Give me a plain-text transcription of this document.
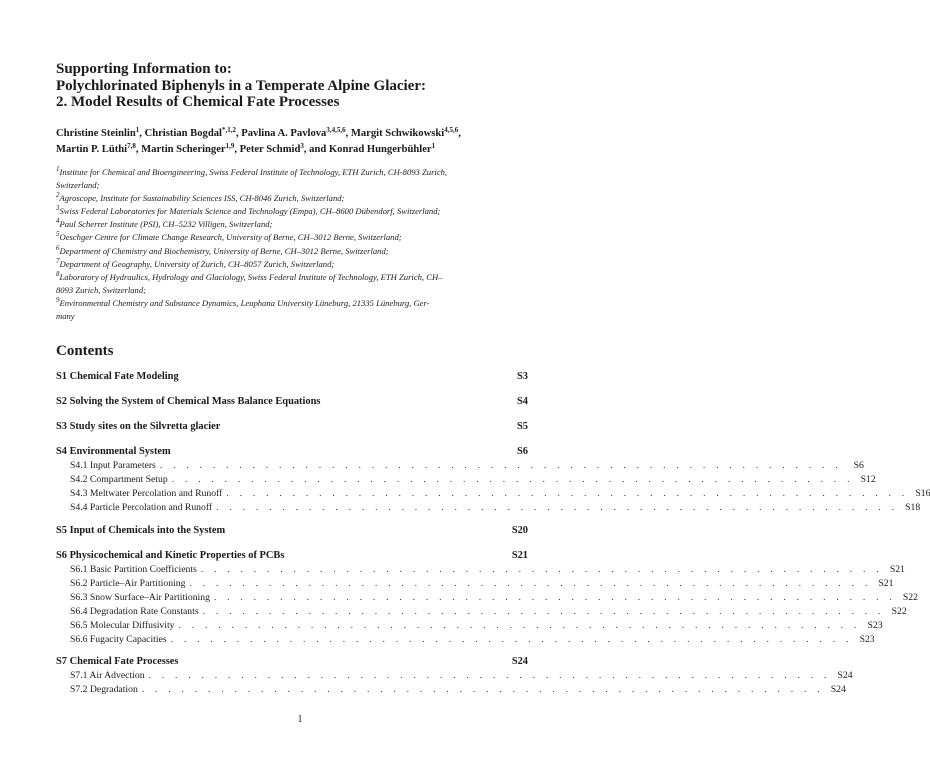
Supporting Information to:
Polychlorinated Biphenyls in a Temperate Alpine Glacier:
2. Model Results of Chemical Fate Processes
Christine Steinlin$^1$, Christian Bogdal$^{*,1,2}$, Pavlina A. Pavlova$^{3,4,5,6}$, Margit Schwikowski$^{4,5,6}$,
Martin P. Lüthi$^{7,8}$, Martin Scheringer$^{1,9}$, Peter Schmid$^3$, and Konrad Hungerbühler$^1$
$^1$Institute for Chemical and Bioengineering, Swiss Federal Institute of Technology, ETH Zurich, CH-8093 Zurich,
Switzerland;
$^2$Agroscope, Institute for Sustainability Sciences ISS, CH-8046 Zurich, Switzerland;
$^3$Swiss Federal Laboratories for Materials Science and Technology (Empa), CH–8600 Dübendorf, Switzerland;
$^4$Paul Scherrer Institute (PSI), CH–5232 Villigen, Switzerland;
$^5$Oeschger Centre for Climate Change Research, University of Berne, CH–3012 Berne, Switzerland;
$^6$Department of Chemistry and Biochemistry, University of Berne, CH–3012 Berne, Switzerland;
$^7$Department of Geography, University of Zurich, CH–8057 Zurich, Switzerland;
$^8$Laboratory of Hydraulics, Hydrology and Glaciology, Swiss Federal Institute of Technology, ETH Zurich, CH–
8093 Zurich, Switzerland;
$^9$Environmental Chemistry and Substance Dynamics, Leuphana University Lüneburg, 21335 Lüneburg, Ger-
many
Contents
S1 Chemical Fate Modeling	S3
S2 Solving the System of Chemical Mass Balance Equations	S4
S3 Study sites on the Silvretta glacier	S5
S4 Environmental System	S6
S4.1 Input Parameters . . . . . . . . . . . . . . . . . . . . . . . . . . . . . . . . . . . . . . . . . . . . . . . . . . . .	S6
S4.2 Compartment Setup . . . . . . . . . . . . . . . . . . . . . . . . . . . . . . . . . . . . . . . . . . . . . . . . . . . . S12
S4.3 Meltwater Percolation and Runoff . . . . . . . . . . . . . . . . . . . . . . . . . . . . . . . . . . . . . . . . . . . . . . . . . . . . S16
S4.4 Particle Percolation and Runoff . . . . . . . . . . . . . . . . . . . . . . . . . . . . . . . . . . . . . . . . . . . . . . . . . . . . S18
S5 Input of Chemicals into the System	S20
S6 Physicochemical and Kinetic Properties of PCBs	S21
S6.1 Basic Partition Coefficients . . . . . . . . . . . . . . . . . . . . . . . . . . . . . . . . . . . . . . . . . . . . . . . . . . . . S21
S6.2 Particle–Air Partitioning . . . . . . . . . . . . . . . . . . . . . . . . . . . . . . . . . . . . . . . . . . . . . . . . . . . . S21
S6.3 Snow Surface–Air Partitioning . . . . . . . . . . . . . . . . . . . . . . . . . . . . . . . . . . . . . . . . . . . . . . . . . . . . S22
S6.4 Degradation Rate Constants . . . . . . . . . . . . . . . . . . . . . . . . . . . . . . . . . . . . . . . . . . . . . . . . . . . . S22
S6.5 Molecular Diffusivity . . . . . . . . . . . . . . . . . . . . . . . . . . . . . . . . . . . . . . . . . . . . . . . . . . . . S23
S6.6 Fugacity Capacities . . . . . . . . . . . . . . . . . . . . . . . . . . . . . . . . . . . . . . . . . . . . . . . . . . . . S23
S7 Chemical Fate Processes	S24
S7.1 Air Advection . . . . . . . . . . . . . . . . . . . . . . . . . . . . . . . . . . . . . . . . . . . . . . . . . . . . S24
S7.2 Degradation . . . . . . . . . . . . . . . . . . . . . . . . . . . . . . . . . . . . . . . . . . . . . . . . . . . . S24
1
